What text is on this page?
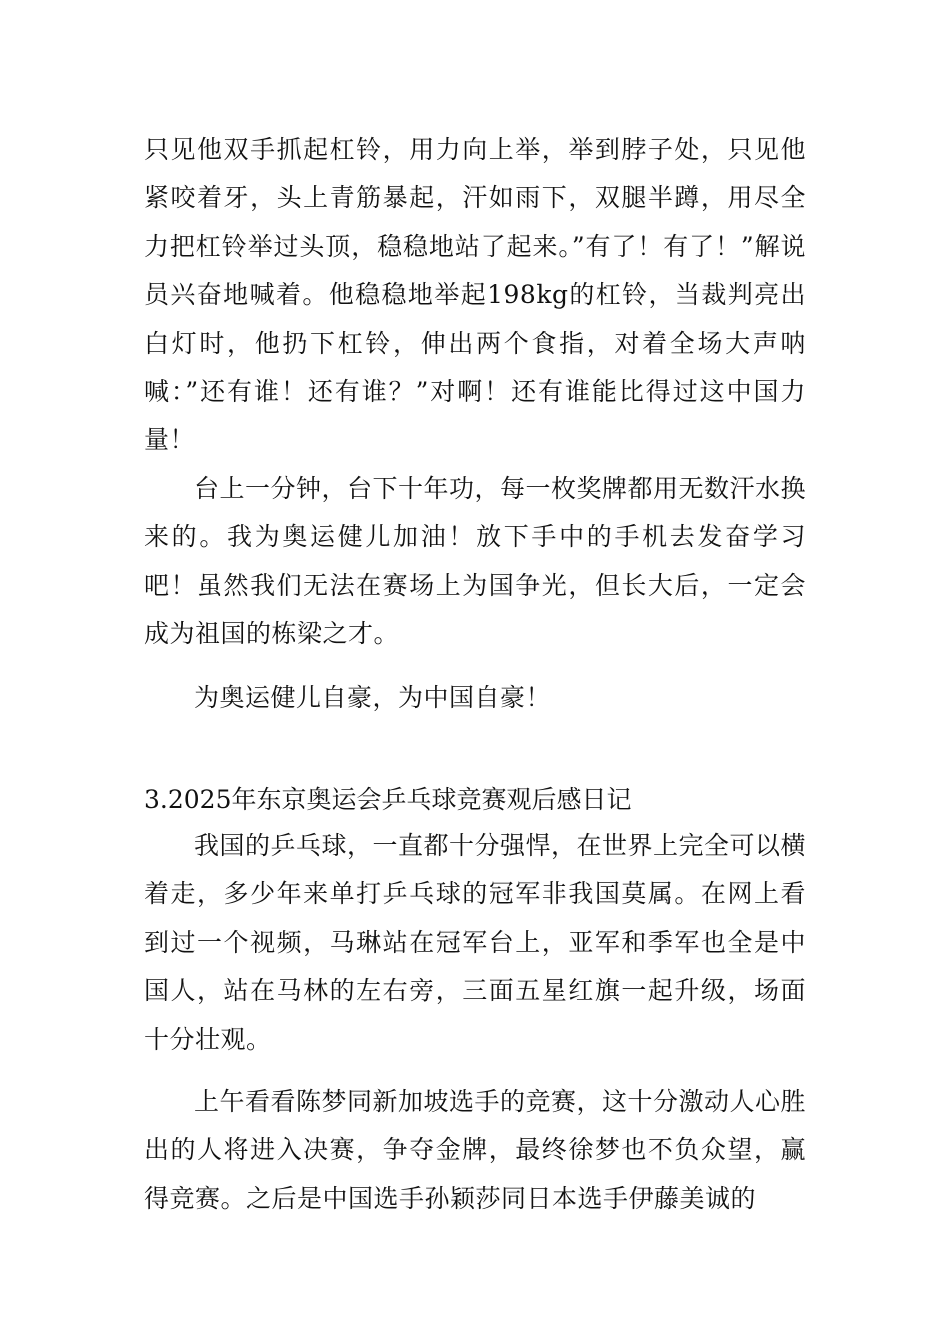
只见他双手抓起杠铃，用力向上举，举到脖子处，只见他紧咬着牙，头上青筋暴起，汗如雨下，双腿半蹲，用尽全力把杠铃举过头顶，稳稳地站了起来。”有了！有了！”解说员兴奋地喊着。他稳稳地举起198kg的杠铃，当裁判亮出白灯时，他扔下杠铃，伸出两个食指，对着全场大声呐喊：”还有谁！还有谁？”对啊！还有谁能比得过这中国力量！

台上一分钟，台下十年功，每一枚奖牌都用无数汗水换来的。我为奥运健儿加油！放下手中的手机去发奋学习吧！虽然我们无法在赛场上为国争光，但长大后，一定会成为祖国的栋梁之才。

为奥运健儿自豪，为中国自豪！

3.2025年东京奥运会乒乓球竞赛观后感日记

我国的乒乓球，一直都十分强悍，在世界上完全可以横着走，多少年来单打乒乓球的冠军非我国莫属。在网上看到过一个视频，马琳站在冠军台上，亚军和季军也全是中国人，站在马林的左右旁，三面五星红旗一起升级，场面十分壮观。

上午看看陈梦同新加坡选手的竞赛，这十分激动人心胜出的人将进入决赛，争夺金牌，最终徐梦也不负众望，赢得竞赛。之后是中国选手孙颖莎同日本选手伊藤美诚的
